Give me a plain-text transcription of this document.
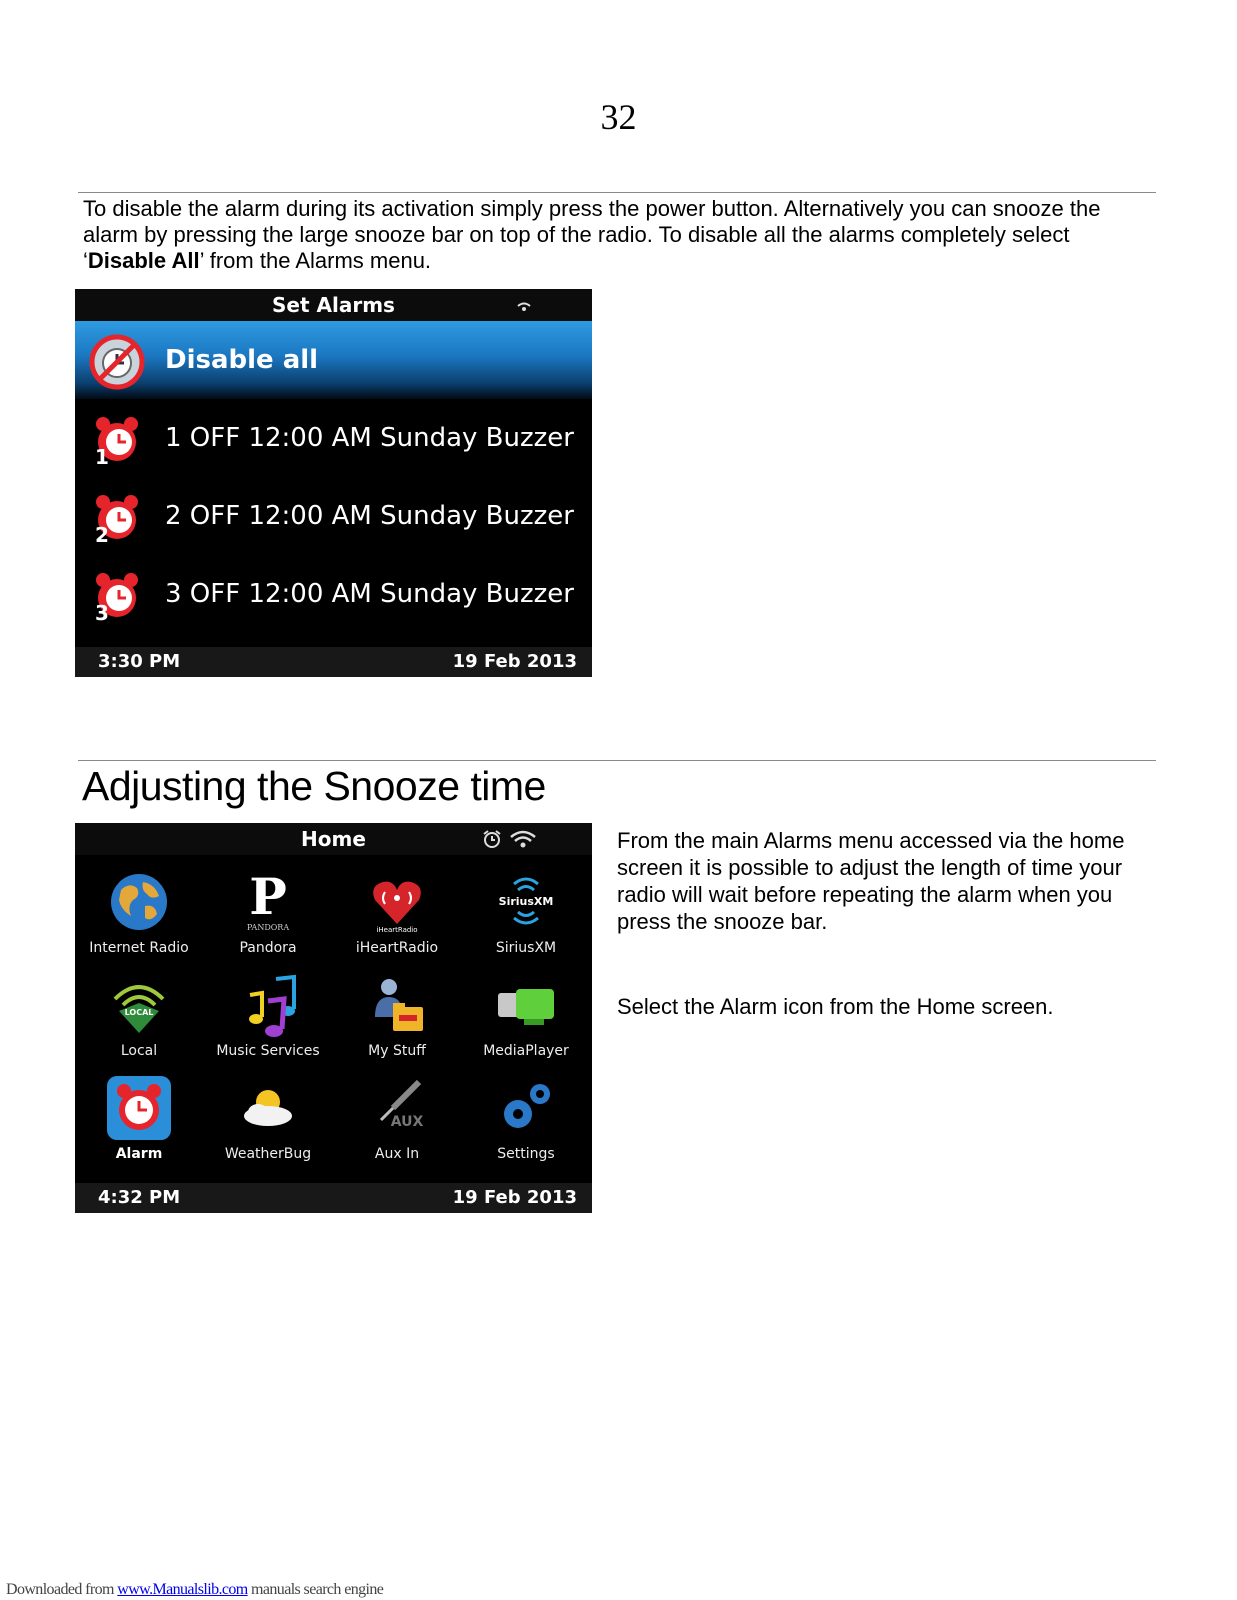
32
To disable the alarm during its activation simply press the power button. Alternatively you can snooze the alarm by pressing the large snooze bar on top of the radio. To disable all the alarms completely select ‘Disable All’ from the Alarms menu.
Set Alarms
Disable all
1
1 OFF 12:00 AM Sunday Buzzer
2
2 OFF 12:00 AM Sunday Buzzer
3
3 OFF 12:00 AM Sunday Buzzer
3:30 PM	19 Feb 2013
Adjusting the Snooze time
Home
Internet Radio
P
PANDORA
Pandora
iHeartRadio
iHeartRadio
SiriusXM
SiriusXM
LOCAL
Local	Music Services	My Stuff	MediaPlayer
Alarm	WeatherBug
AUX
Aux In	Settings
4:32 PM	19 Feb 2013
From the main Alarms menu accessed via the home screen it is possible to adjust the length of time your radio will wait before repeating the alarm when you press the snooze bar.
Select the Alarm icon from the Home screen.
Downloaded from www.Manualslib.com manuals search engine
